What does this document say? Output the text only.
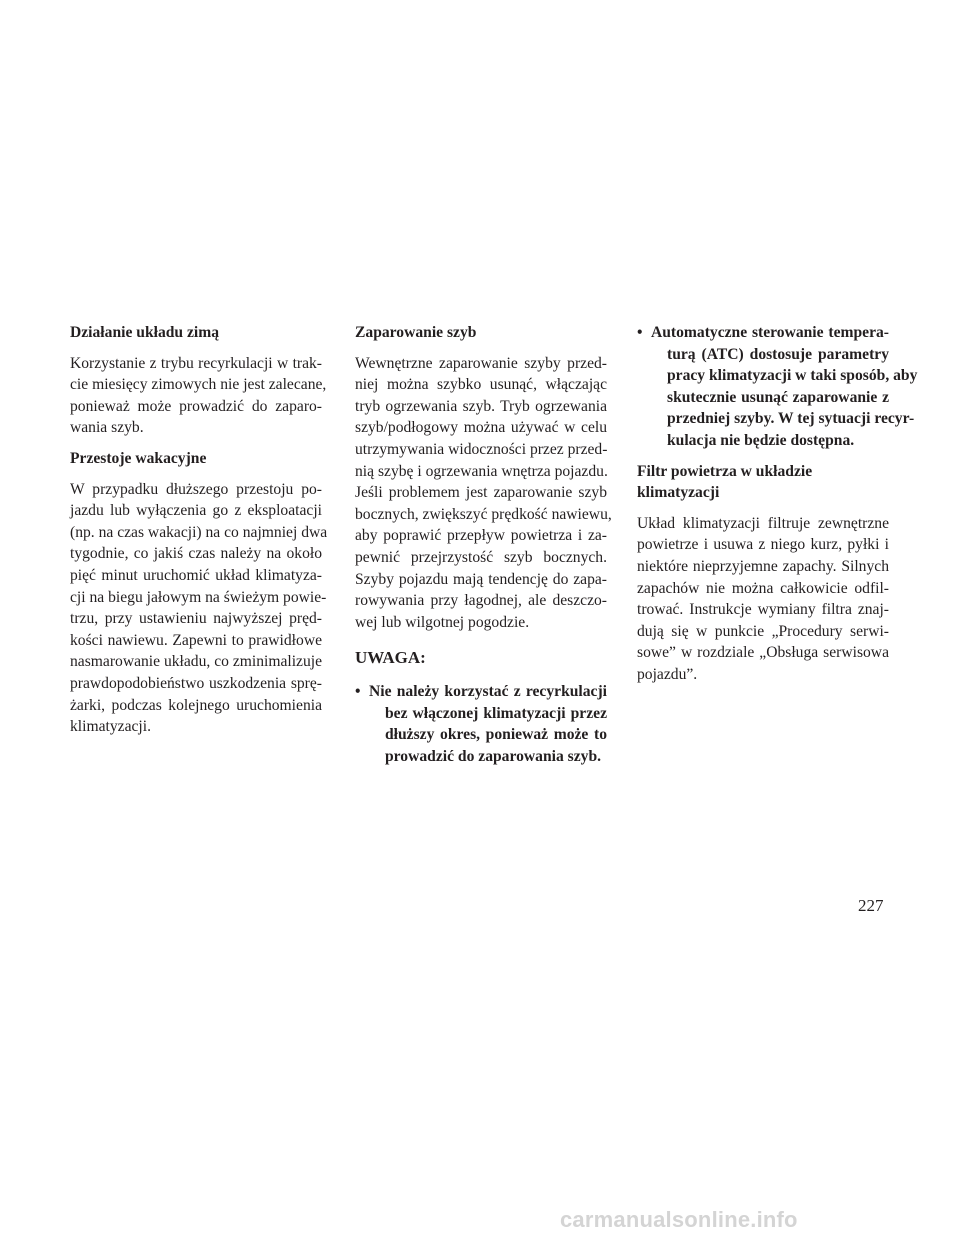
Działanie układu zimą

Korzystanie z trybu recyrkulacji w trak-
cie miesięcy zimowych nie jest zalecane,
ponieważ może prowadzić do zaparo-
wania szyb.

Przestoje wakacyjne

W przypadku dłuższego przestoju po-
jazdu lub wyłączenia go z eksploatacji
(np. na czas wakacji) na co najmniej dwa
tygodnie, co jakiś czas należy na około
pięć minut uruchomić układ klimatyza-
cji na biegu jałowym na świeżym powie-
trzu, przy ustawieniu najwyższej pręd-
kości nawiewu. Zapewni to prawidłowe
nasmarowanie układu, co zminimalizuje
prawdopodobieństwo uszkodzenia sprę-
żarki, podczas kolejnego uruchomienia
klimatyzacji.

Zaparowanie szyb

Wewnętrzne zaparowanie szyby przed-
niej można szybko usunąć, włączając
tryb ogrzewania szyb. Tryb ogrzewania
szyb/podłogowy można używać w celu
utrzymywania widoczności przez przed-
nią szybę i ogrzewania wnętrza pojazdu.
Jeśli problemem jest zaparowanie szyb
bocznych, zwiększyć prędkość nawiewu,
aby poprawić przepływ powietrza i za-
pewnić przejrzystość szyb bocznych.
Szyby pojazdu mają tendencję do zapa-
rowywania przy łagodnej, ale deszczo-
wej lub wilgotnej pogodzie.

UWAGA:
• Nie należy korzystać z recyrkulacji
bez włączonej klimatyzacji przez
dłuższy okres, ponieważ może to
prowadzić do zaparowania szyb.
• Automatyczne sterowanie tempera-
turą (ATC) dostosuje parametry
pracy klimatyzacji w taki sposób, aby
skutecznie usunąć zaparowanie z
przedniej szyby. W tej sytuacji recyr-
kulacja nie będzie dostępna.
Filtr powietrza w układzie
klimatyzacji

Układ klimatyzacji filtruje zewnętrzne
powietrze i usuwa z niego kurz, pyłki i
niektóre nieprzyjemne zapachy. Silnych
zapachów nie można całkowicie odfil-
trować. Instrukcje wymiany filtra znaj-
dują się w punkcie „Procedury serwi-
sowe” w rozdziale „Obsługa serwisowa
pojazdu”.

227
carmanualsonline.info
